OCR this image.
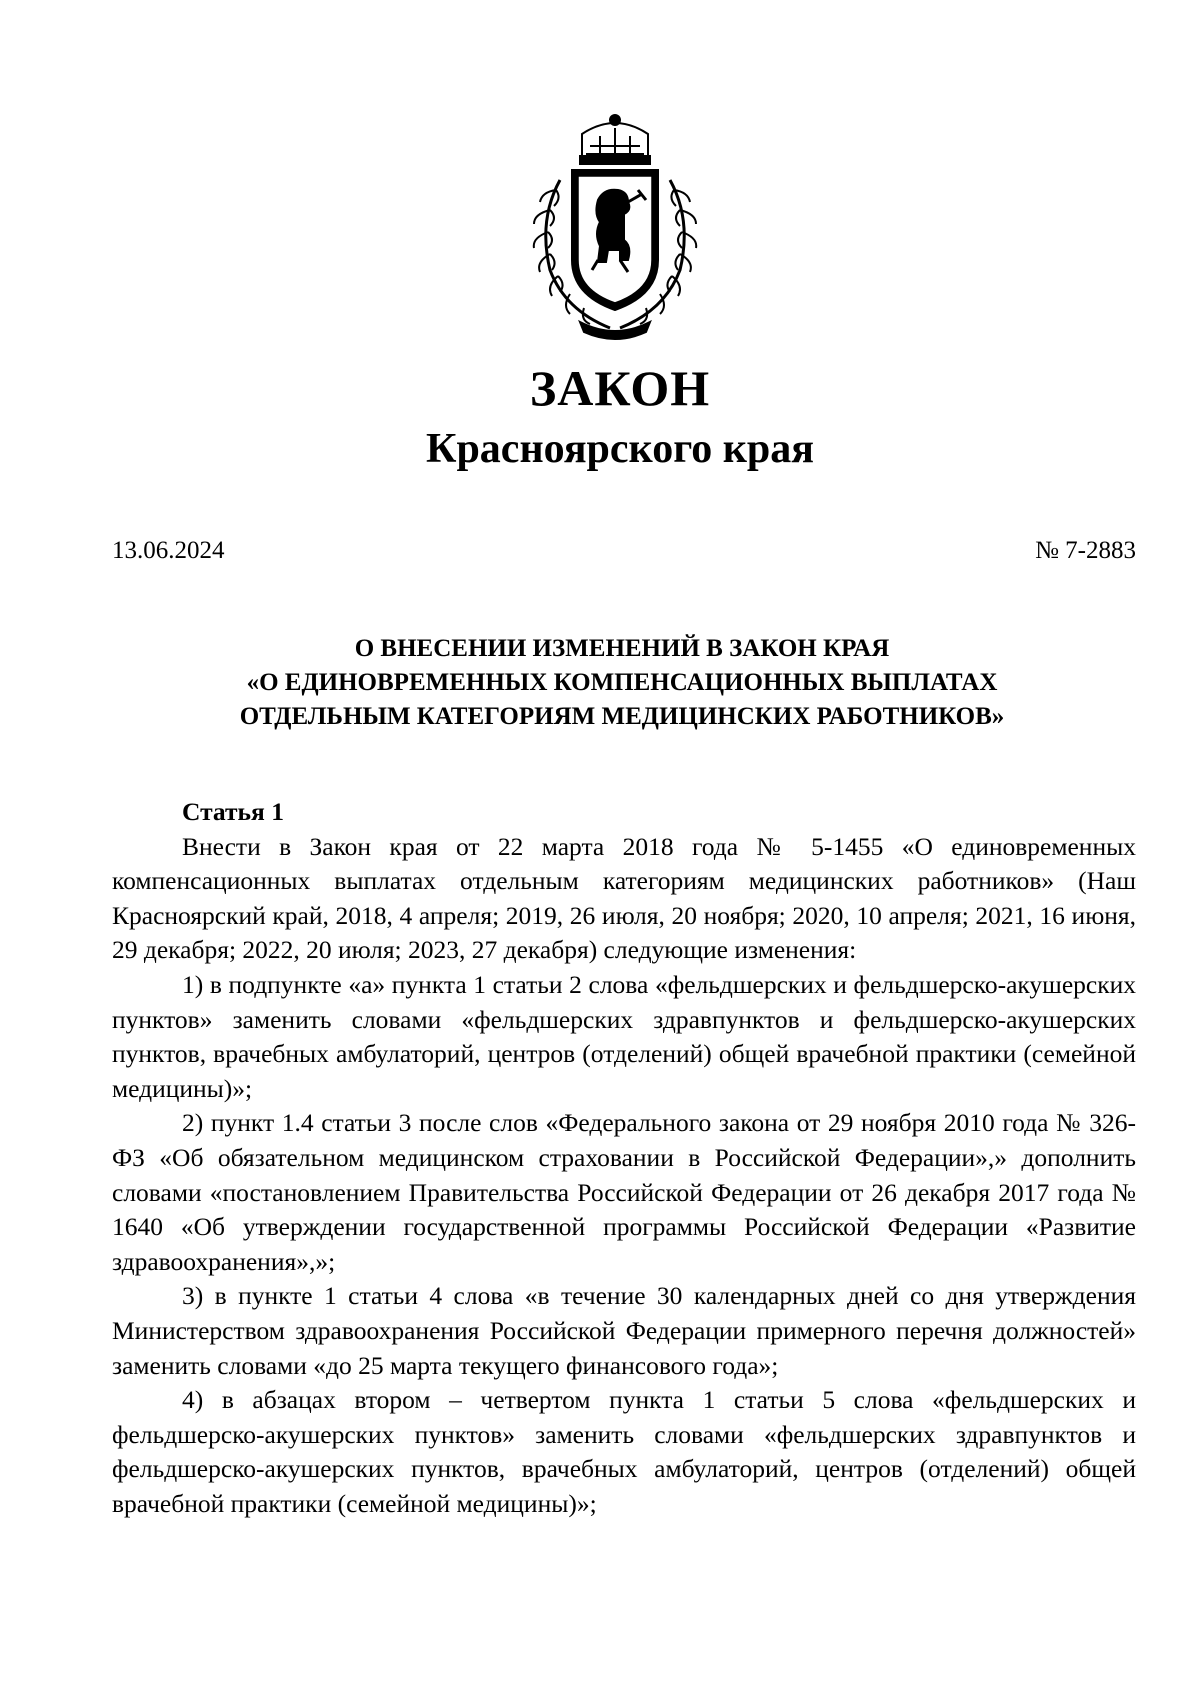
ЗАКОН
Красноярского края
13.06.2024	№ 7-2883
О ВНЕСЕНИИ ИЗМЕНЕНИЙ В ЗАКОН КРАЯ
«О ЕДИНОВРЕМЕННЫХ КОМПЕНСАЦИОННЫХ ВЫПЛАТАХ
ОТДЕЛЬНЫМ КАТЕГОРИЯМ МЕДИЦИНСКИХ РАБОТНИКОВ»

Статья 1

Внести в Закон края от 22 марта 2018 года № 5-1455 «О единовременных компенсационных выплатах отдельным категориям медицинских работников» (Наш Красноярский край, 2018, 4 апреля; 2019, 26 июля, 20 ноября; 2020, 10 апреля; 2021, 16 июня, 29 декабря; 2022, 20 июля; 2023, 27 декабря) следующие изменения:

1) в подпункте «а» пункта 1 статьи 2 слова «фельдшерских и фельдшерско-акушерских пунктов» заменить словами «фельдшерских здравпунктов и фельдшерско-акушерских пунктов, врачебных амбулаторий, центров (отделений) общей врачебной практики (семейной медицины)»;

2) пункт 1.4 статьи 3 после слов «Федерального закона от 29 ноября 2010 года № 326-ФЗ «Об обязательном медицинском страховании в Российской Федерации»,» дополнить словами «постановлением Правительства Российской Федерации от 26 декабря 2017 года № 1640 «Об утверждении государственной программы Российской Федерации «Развитие здравоохранения»,»;

3) в пункте 1 статьи 4 слова «в течение 30 календарных дней со дня утверждения Министерством здравоохранения Российской Федерации примерного перечня должностей» заменить словами «до 25 марта текущего финансового года»;

4) в абзацах втором – четвертом пункта 1 статьи 5 слова «фельдшерских и фельдшерско-акушерских пунктов» заменить словами «фельдшерских здравпунктов и фельдшерско-акушерских пунктов, врачебных амбулаторий, центров (отделений) общей врачебной практики (семейной медицины)»;
